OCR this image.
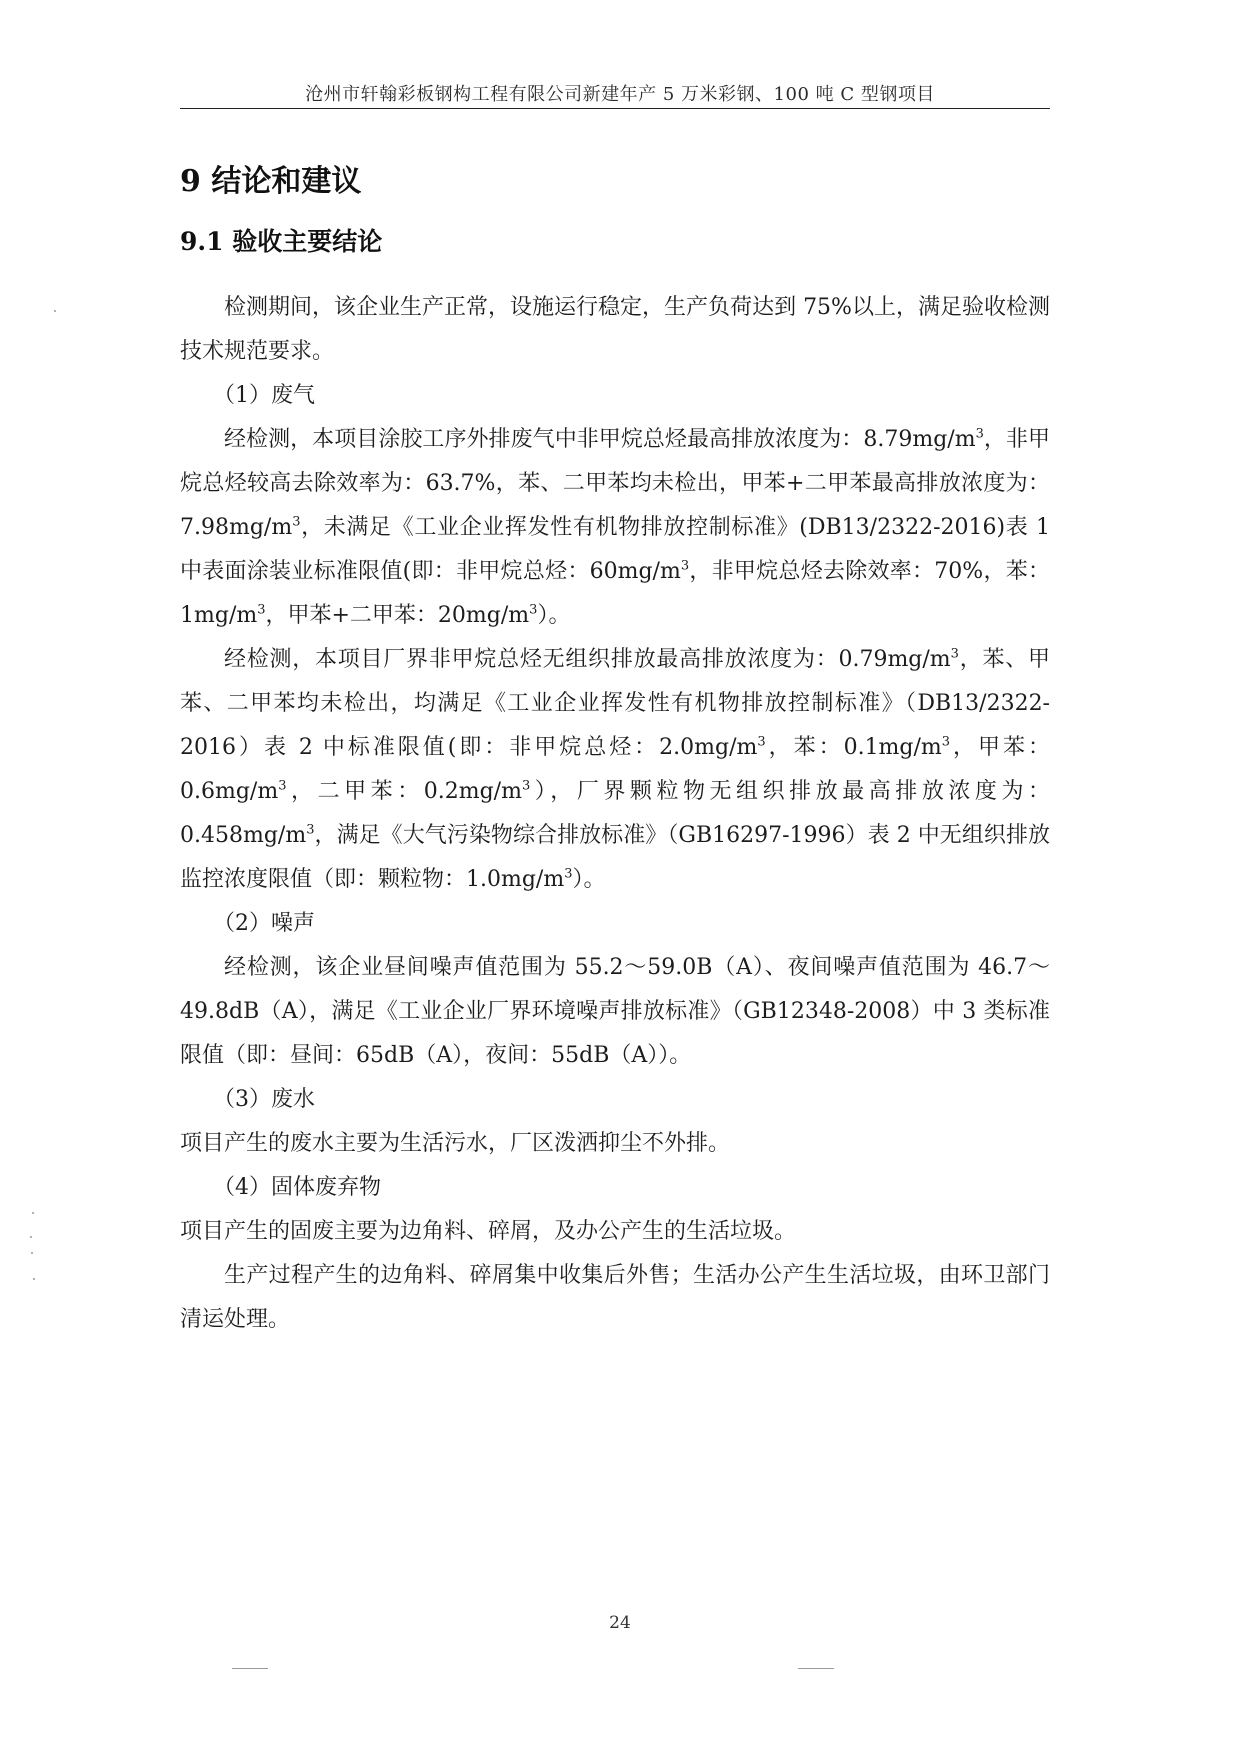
沧州市轩翰彩板钢构工程有限公司新建年产 5 万米彩钢、100 吨 C 型钢项目
9 结论和建议
9.1 验收主要结论

检测期间，该企业生产正常，设施运行稳定，生产负荷达到 75%以上，满足验收检测技术规范要求。

（1）废气

经检测，本项目涂胶工序外排废气中非甲烷总烃最高排放浓度为：$8.79mg/m^3$，非甲烷总烃较高去除效率为：63.7%，苯、二甲苯均未检出，甲苯+二甲苯最高排放浓度为：$7.98mg/m^3$，未满足《工业企业挥发性有机物排放控制标准》(DB13/2322-2016)表 1 中表面涂装业标准限值(即：非甲烷总烃：$60mg/m^3$，非甲烷总烃去除效率：70%，苯：$1mg/m^3$，甲苯+二甲苯：$20mg/m^3$）。

经检测，本项目厂界非甲烷总烃无组织排放最高排放浓度为：$0.79mg/m^3$，苯、甲苯、二甲苯均未检出，均满足《工业企业挥发性有机物排放控制标准》（DB13/2322-2016）表 2 中标准限值(即：非甲烷总烃：$2.0mg/m^3$，苯：$0.1mg/m^3$，甲苯：$0.6mg/m^3$，二甲苯：$0.2mg/m^3$），厂界颗粒物无组织排放最高排放浓度为：$0.458mg/m^3$，满足《大气污染物综合排放标准》（GB16297-1996）表 2 中无组织排放监控浓度限值（即：颗粒物：$1.0mg/m^3$）。

（2）噪声

经检测，该企业昼间噪声值范围为 55.2～59.0B（A）、夜间噪声值范围为 46.7～49.8dB（A），满足《工业企业厂界环境噪声排放标准》（GB12348-2008）中 3 类标准限值（即：昼间：65dB（A），夜间：55dB（A））。

（3）废水

项目产生的废水主要为生活污水，厂区泼洒抑尘不外排。

（4）固体废弃物

项目产生的固废主要为边角料、碎屑，及办公产生的生活垃圾。

生产过程产生的边角料、碎屑集中收集后外售；生活办公产生生活垃圾，由环卫部门清运处理。

24
